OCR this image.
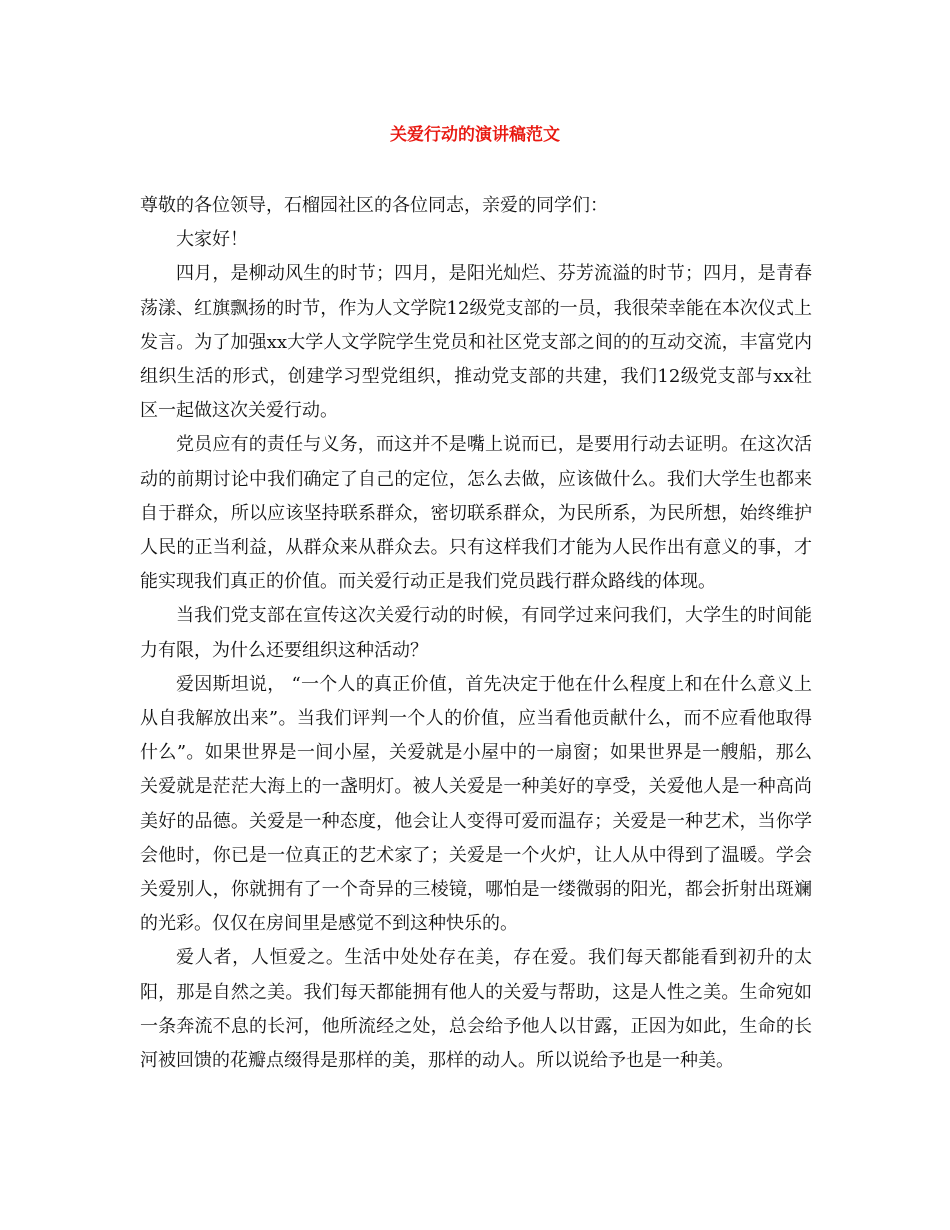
关爱行动的演讲稿范文

尊敬的各位领导，石榴园社区的各位同志，亲爱的同学们：

大家好！

四月，是柳动风生的时节；四月，是阳光灿烂、芬芳流溢的时节；四月，是青春荡漾、红旗飘扬的时节，作为人文学院12级党支部的一员，我很荣幸能在本次仪式上发言。为了加强xx大学人文学院学生党员和社区党支部之间的的互动交流，丰富党内组织生活的形式，创建学习型党组织，推动党支部的共建，我们12级党支部与xx社区一起做这次关爱行动。

党员应有的责任与义务，而这并不是嘴上说而已，是要用行动去证明。在这次活动的前期讨论中我们确定了自己的定位，怎么去做，应该做什么。我们大学生也都来自于群众，所以应该坚持联系群众，密切联系群众，为民所系，为民所想，始终维护人民的正当利益，从群众来从群众去。只有这样我们才能为人民作出有意义的事，才能实现我们真正的价值。而关爱行动正是我们党员践行群众路线的体现。

当我们党支部在宣传这次关爱行动的时候，有同学过来问我们，大学生的时间能力有限，为什么还要组织这种活动？

爱因斯坦说， “一个人的真正价值，首先决定于他在什么程度上和在什么意义上从自我解放出来”。当我们评判一个人的价值，应当看他贡献什么，而不应看他取得什么”。如果世界是一间小屋，关爱就是小屋中的一扇窗；如果世界是一艘船，那么关爱就是茫茫大海上的一盏明灯。被人关爱是一种美好的享受，关爱他人是一种高尚美好的品德。关爱是一种态度，他会让人变得可爱而温存；关爱是一种艺术，当你学会他时，你已是一位真正的艺术家了；关爱是一个火炉，让人从中得到了温暖。学会关爱别人，你就拥有了一个奇异的三棱镜，哪怕是一缕微弱的阳光，都会折射出斑斓的光彩。仅仅在房间里是感觉不到这种快乐的。

爱人者，人恒爱之。生活中处处存在美，存在爱。我们每天都能看到初升的太阳，那是自然之美。我们每天都能拥有他人的关爱与帮助，这是人性之美。生命宛如一条奔流不息的长河，他所流经之处，总会给予他人以甘露，正因为如此，生命的长河被回馈的花瓣点缀得是那样的美，那样的动人。所以说给予也是一种美。
